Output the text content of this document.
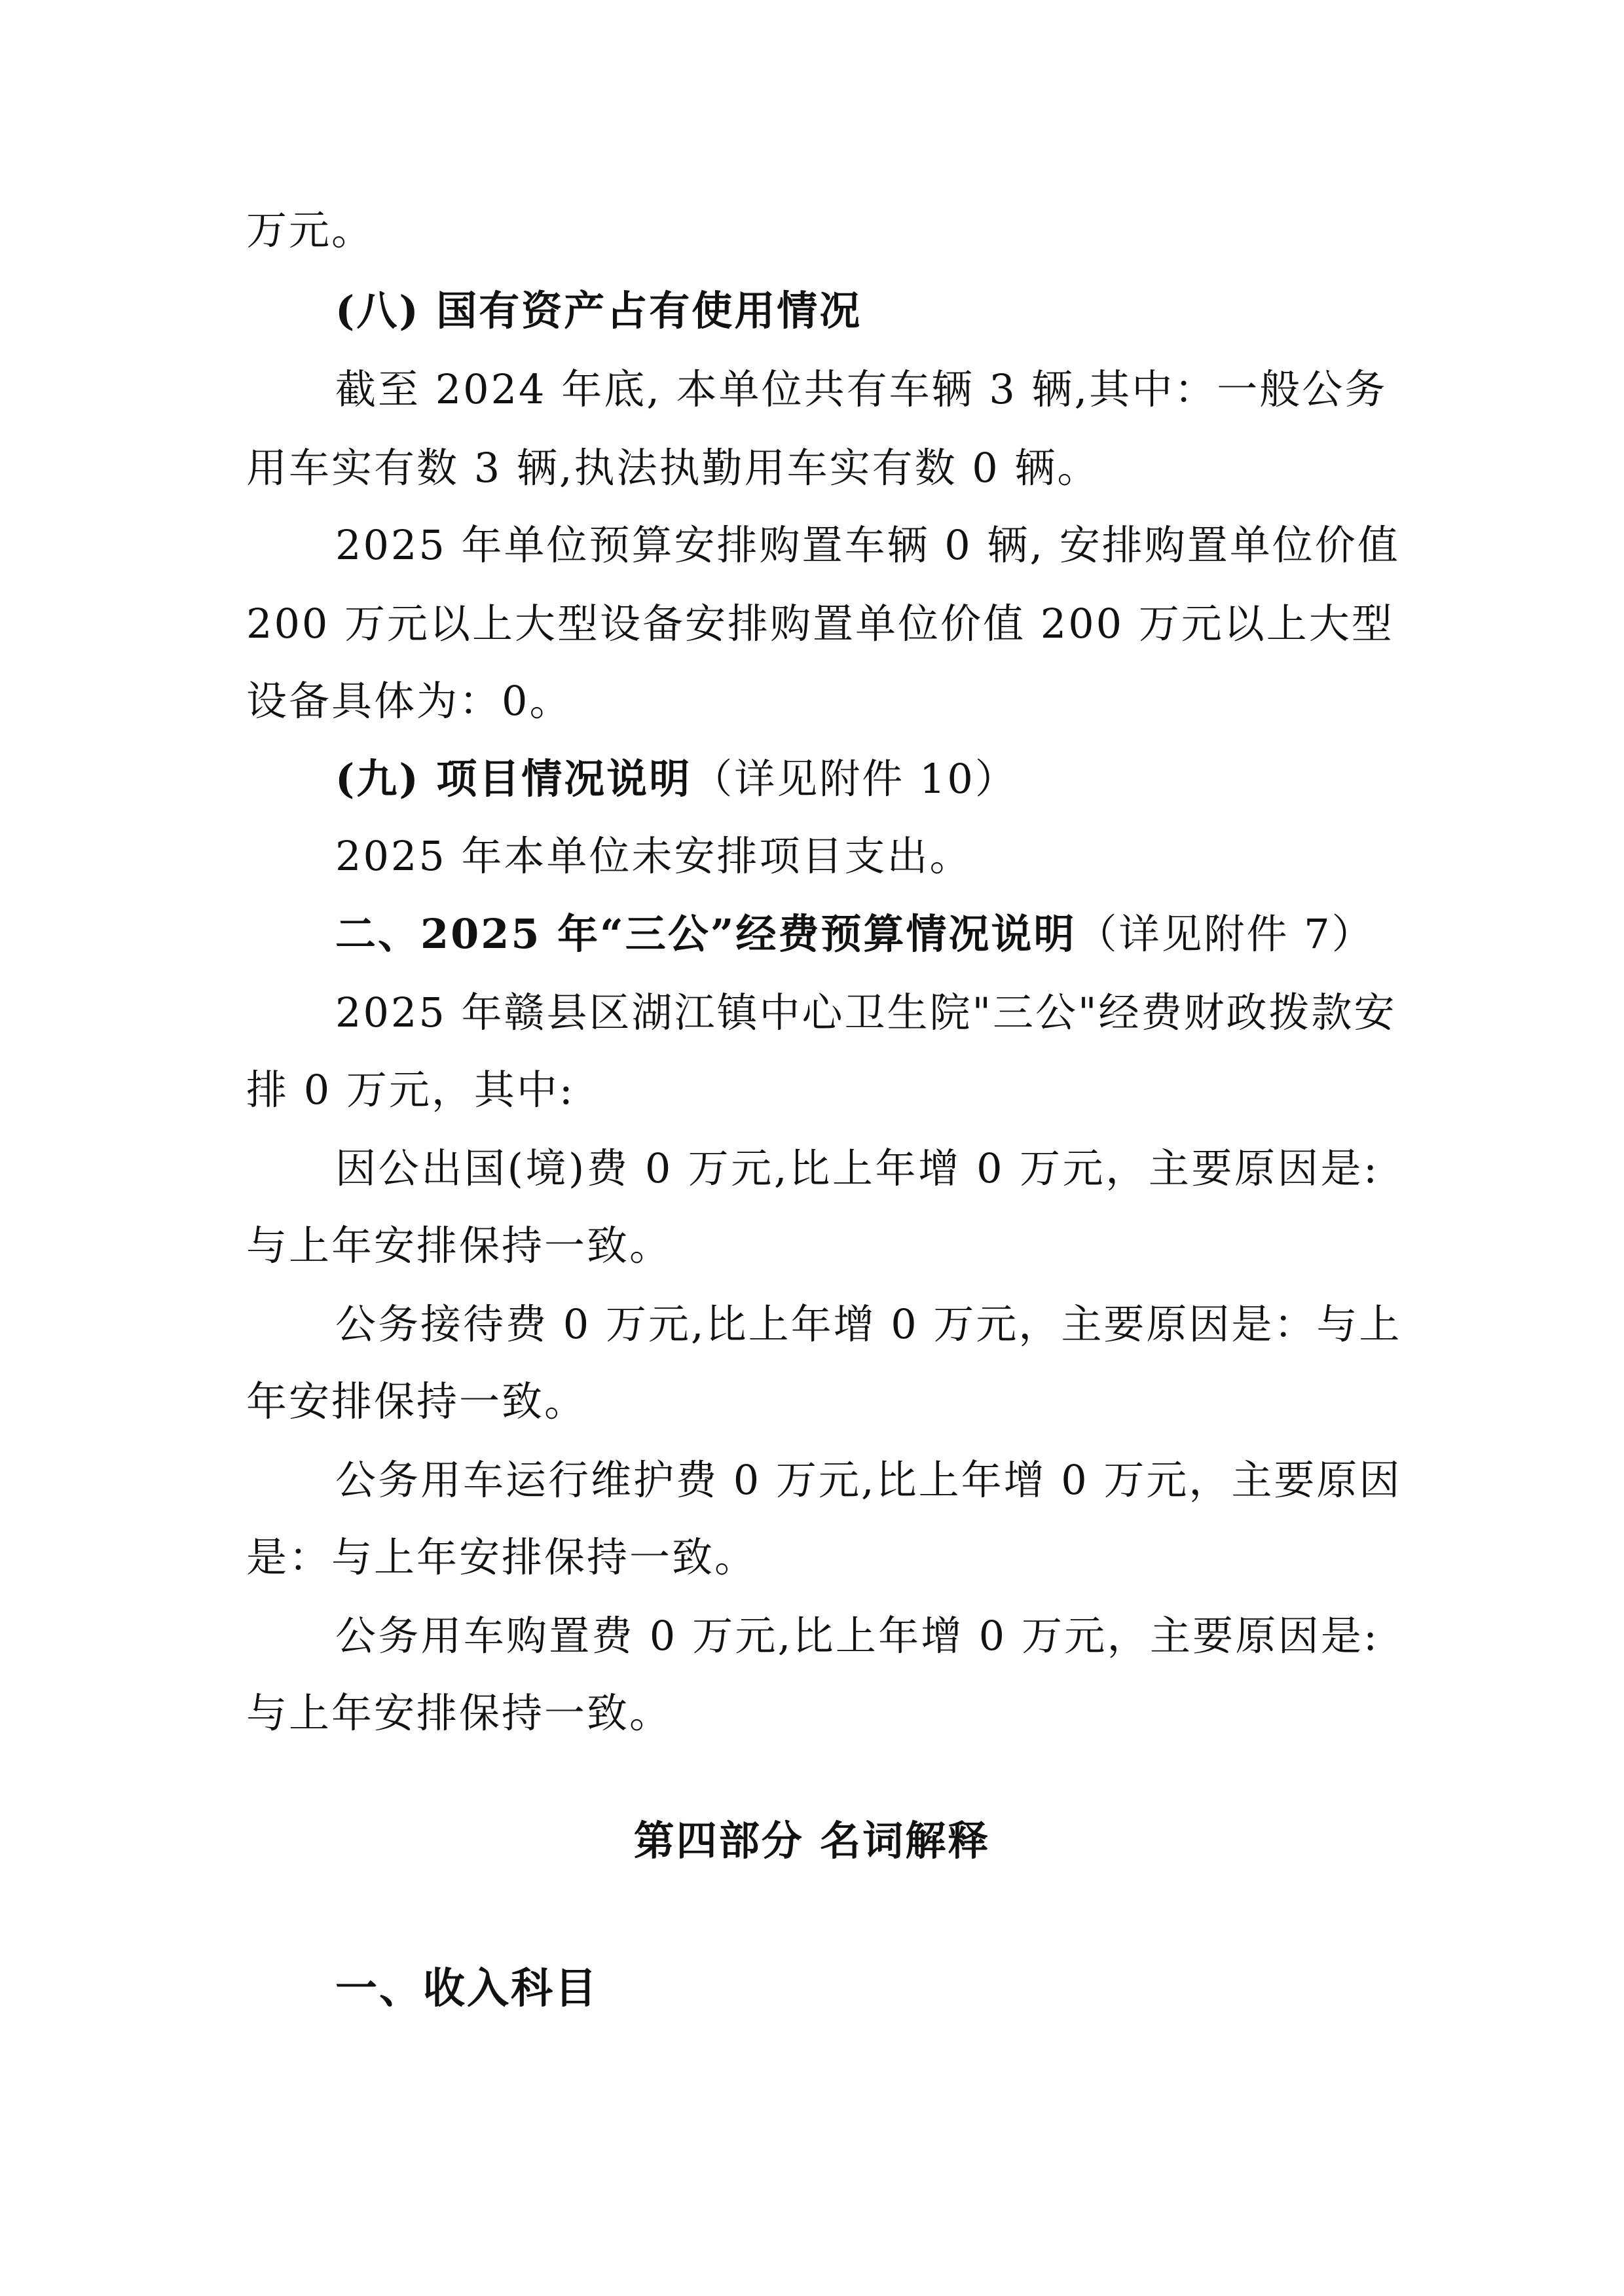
万元。
(八) 国有资产占有使用情况
截至 2024 年底, 本单位共有车辆 3 辆,其中：一般公务
用车实有数 3 辆,执法执勤用车实有数 0 辆。
2025 年单位预算安排购置车辆 0 辆, 安排购置单位价值
200 万元以上大型设备安排购置单位价值 200 万元以上大型
设备具体为：0。
(九) 项目情况说明（详见附件 10）
2025 年本单位未安排项目支出。
二、2025 年“三公”经费预算情况说明（详见附件 7）
2025 年赣县区湖江镇中心卫生院"三公"经费财政拨款安
排 0 万元，其中:
因公出国(境)费 0 万元,比上年增 0 万元，主要原因是:
与上年安排保持一致。
公务接待费 0 万元,比上年增 0 万元，主要原因是：与上
年安排保持一致。
公务用车运行维护费 0 万元,比上年增 0 万元，主要原因
是：与上年安排保持一致。
公务用车购置费 0 万元,比上年增 0 万元，主要原因是:
与上年安排保持一致。
第四部分 名词解释
一、收入科目
